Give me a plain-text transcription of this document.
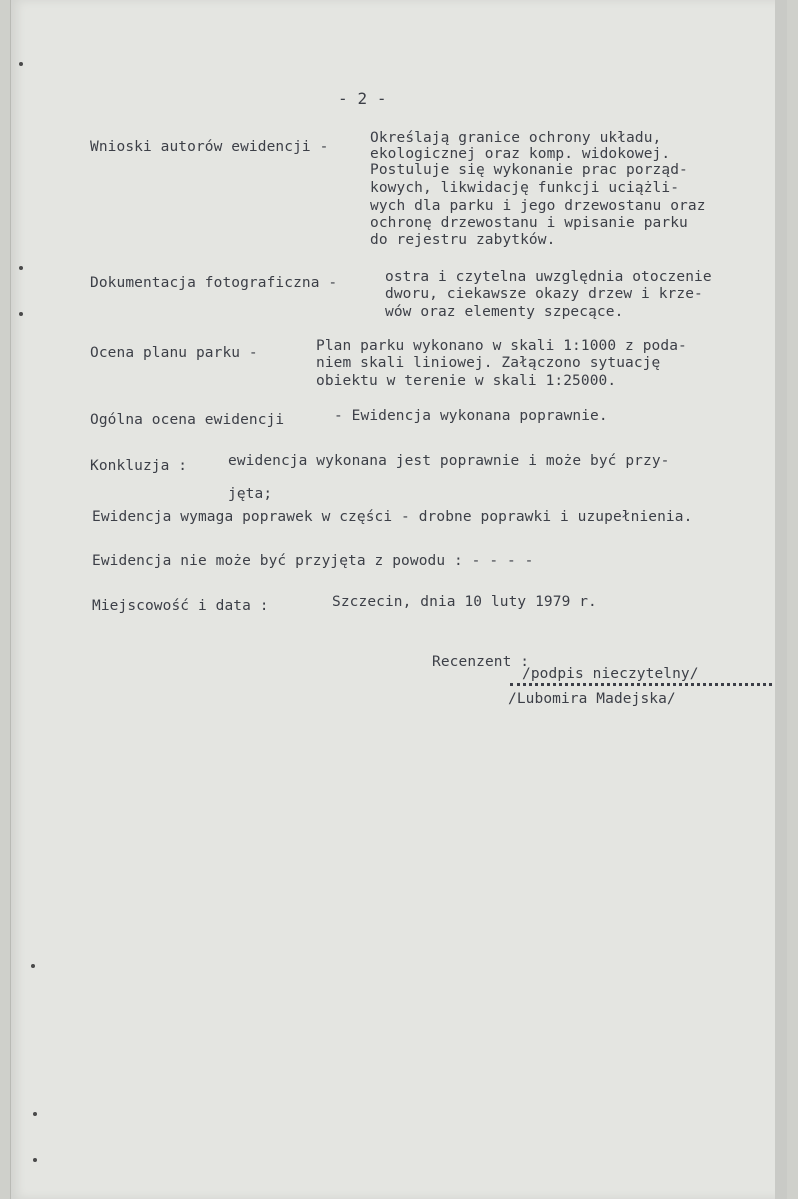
- 2 -
Wnioski autorów ewidencji -
Określają granice ochrony układu,
ekologicznej oraz komp. widokowej.
Postuluje się wykonanie prac porząd-
kowych, likwidację funkcji uciążli-
wych dla parku i jego drzewostanu oraz
ochronę drzewostanu i wpisanie parku
do rejestru zabytków.
Dokumentacja fotograficzna -	ostra i czytelna uwzględnia otoczenie
dworu, ciekawsze okazy drzew i krze-
wów oraz elementy szpecące.
Ocena planu parku -	Plan parku wykonano w skali 1:1000 z poda-
niem skali liniowej. Załączono sytuację
obiektu w terenie w skali 1:25000.
Ogólna ocena ewidencji	- Ewidencja wykonana poprawnie.
Konkluzja :	ewidencja wykonana jest poprawnie i może być przy-
jęta;
Ewidencja wymaga poprawek w części - drobne poprawki i uzupełnienia.
Ewidencja nie może być przyjęta z powodu : - - - -
Miejscowość i data :	Szczecin, dnia 10 luty 1979 r.
Recenzent :
/podpis nieczytelny/
/Lubomira Madejska/
